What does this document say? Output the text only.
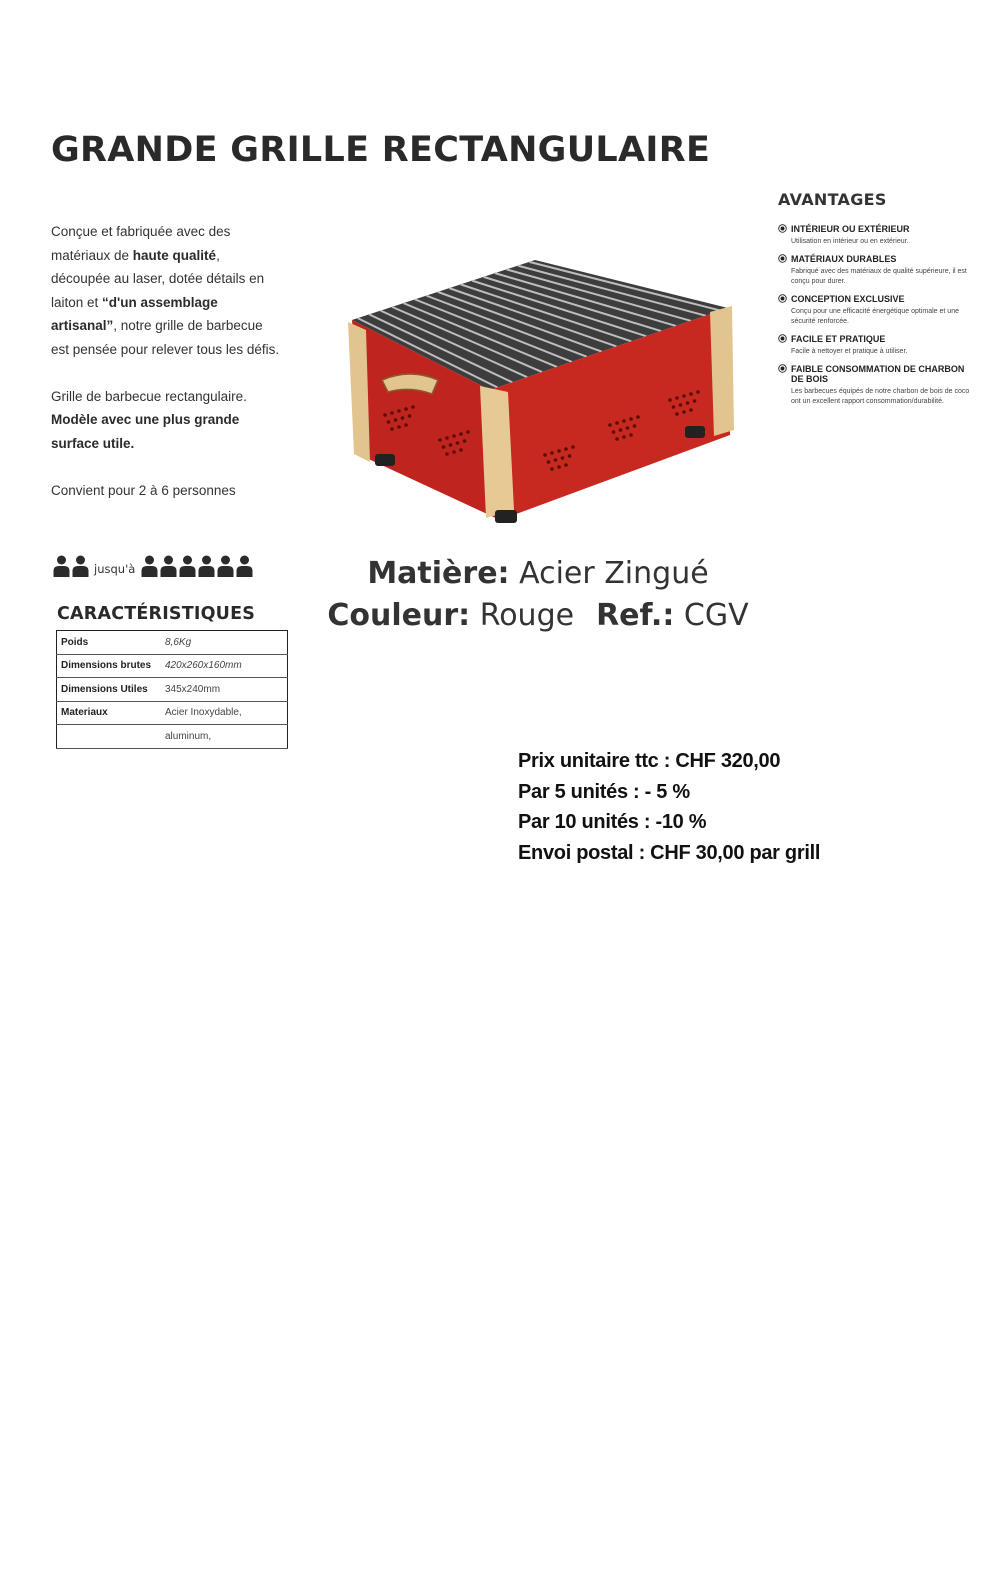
GRANDE GRILLE RECTANGULAIRE

Conçue et fabriquée avec des matériaux de haute qualité, découpée au laser, dotée détails en laiton et “d'un assemblage artisanal”, notre grille de barbecue est pensée pour relever tous les défis.

Grille de barbecue rectangulaire.
Modèle avec une plus grande surface utile.

Convient pour 2 à 6 personnes

jusqu'à
CARACTÉRISTIQUES
Poids	8,6Kg
Dimensions brutes	420x260x160mm
Dimensions Utiles	345x240mm
Materiaux	Acier Inoxydable,
	aluminum,
Matière: Acier Zingué
Couleur: Rouge Ref.: CGV
AVANTAGES
INTÉRIEUR OU EXTÉRIEUR
Utilisation en intérieur ou en extérieur.
MATÉRIAUX DURABLES
Fabriqué avec des matériaux de qualité supérieure, il est conçu pour durer.
CONCEPTION EXCLUSIVE
Conçu pour une efficacité énergétique optimale et une sécurité renforcée.
FACILE ET PRATIQUE
Facile à nettoyer et pratique à utiliser.
FAIBLE CONSOMMATION DE CHARBON DE BOIS
Les barbecues équipés de notre charbon de bois de coco ont un excellent rapport consommation/durabilité.
Prix unitaire ttc : CHF 320,00
Par 5 unités : - 5 %
Par 10 unités : -10 %
Envoi postal : CHF 30,00 par grill
